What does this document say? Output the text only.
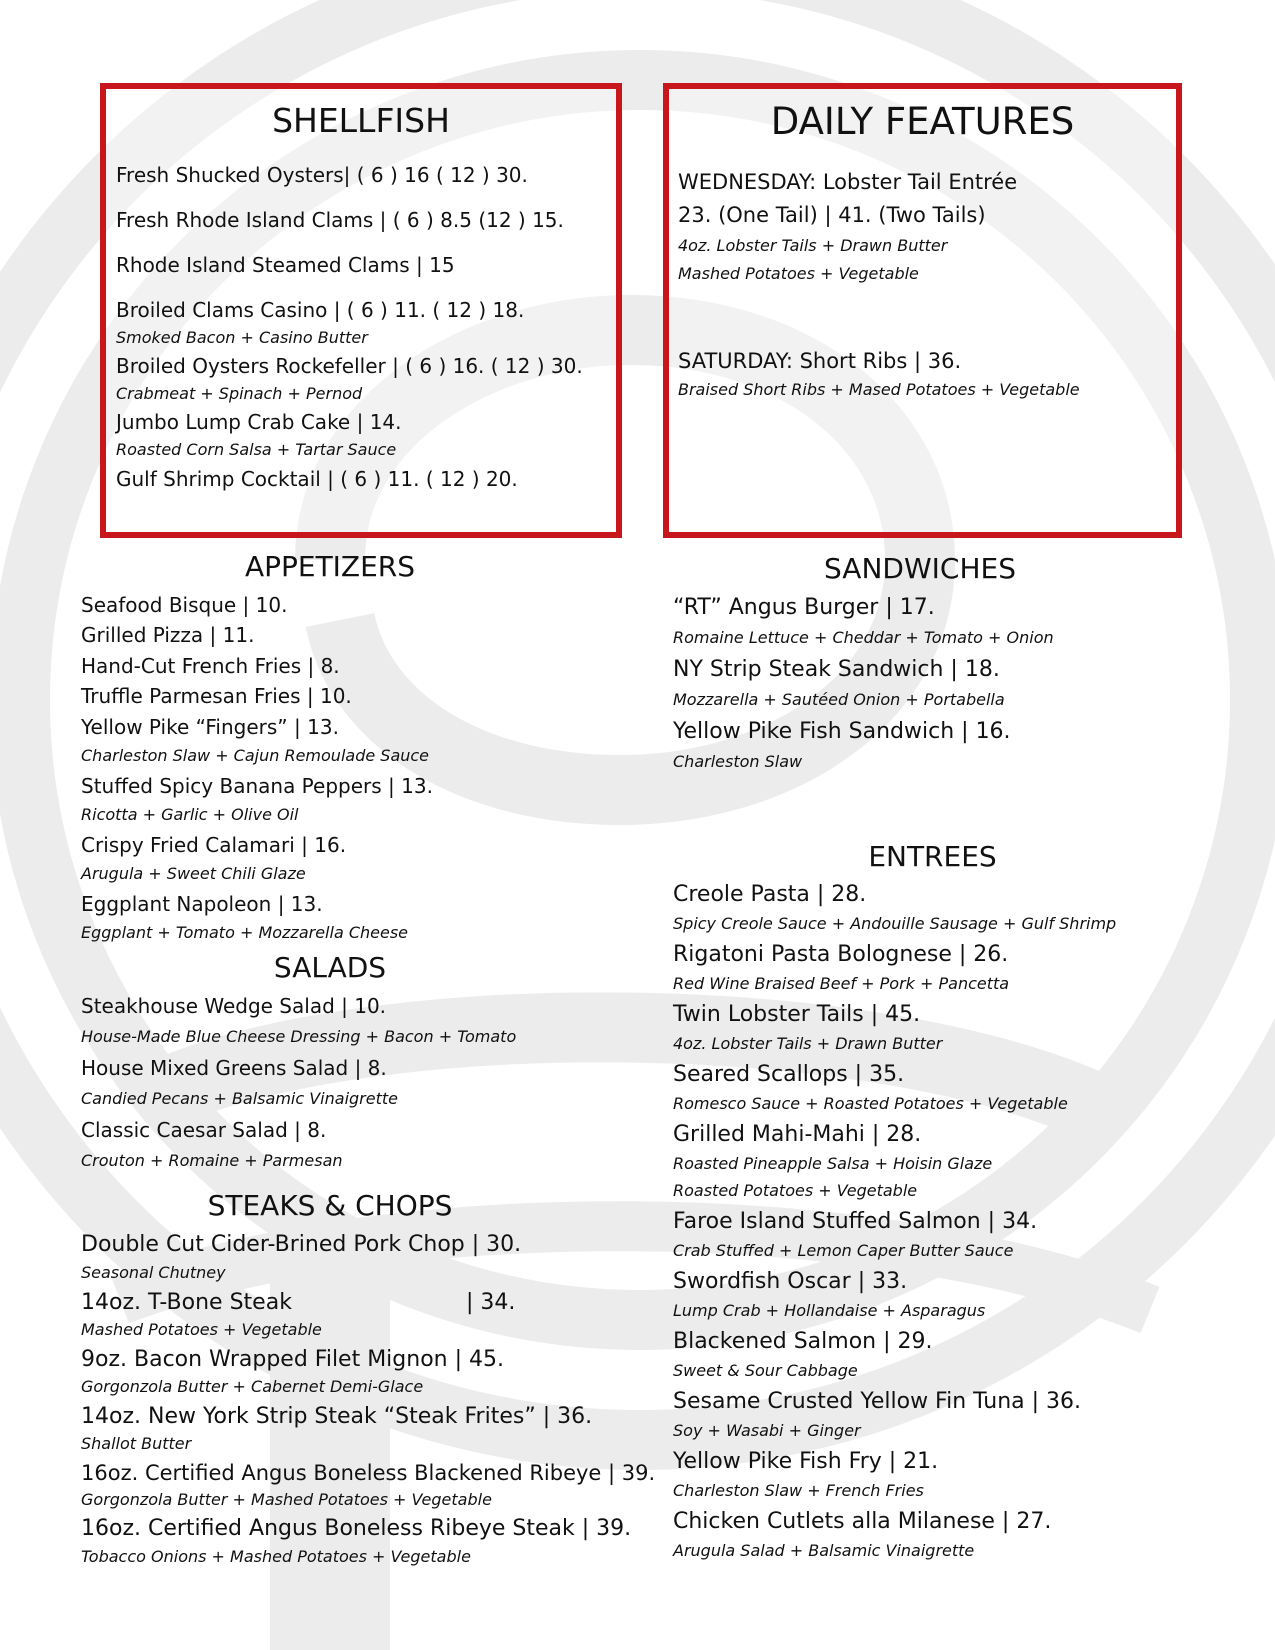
SHELLFISH
Fresh Shucked Oysters| ( 6 ) 16 ( 12 ) 30.
Fresh Rhode Island Clams | ( 6 ) 8.5 (12 ) 15.
Rhode Island Steamed Clams | 15
Broiled Clams Casino | ( 6 ) 11. ( 12 ) 18.
Smoked Bacon + Casino Butter
Broiled Oysters Rockefeller | ( 6 ) 16. ( 12 ) 30.
Crabmeat + Spinach + Pernod
Jumbo Lump Crab Cake | 14.
Roasted Corn Salsa + Tartar Sauce
Gulf Shrimp Cocktail | ( 6 ) 11. ( 12 ) 20.
DAILY FEATURES
WEDNESDAY: Lobster Tail Entrée
23. (One Tail) | 41. (Two Tails)
4oz. Lobster Tails + Drawn Butter
Mashed Potatoes + Vegetable
SATURDAY: Short Ribs | 36.
Braised Short Ribs + Mased Potatoes + Vegetable
APPETIZERS
Seafood Bisque | 10.
Grilled Pizza | 11.
Hand-Cut French Fries | 8.
Truffle Parmesan Fries | 10.
Yellow Pike “Fingers” | 13.
Charleston Slaw + Cajun Remoulade Sauce
Stuffed Spicy Banana Peppers | 13.
Ricotta + Garlic + Olive Oil
Crispy Fried Calamari | 16.
Arugula + Sweet Chili Glaze
Eggplant Napoleon | 13.
Eggplant + Tomato + Mozzarella Cheese
SALADS
Steakhouse Wedge Salad | 10.
House-Made Blue Cheese Dressing + Bacon + Tomato
House Mixed Greens Salad | 8.
Candied Pecans + Balsamic Vinaigrette
Classic Caesar Salad | 8.
Crouton + Romaine + Parmesan
STEAKS & CHOPS
Double Cut Cider-Brined Pork Chop | 30.
Seasonal Chutney
14oz. T-Bone Steak	| 34.
Mashed Potatoes + Vegetable
9oz. Bacon Wrapped Filet Mignon | 45.
Gorgonzola Butter + Cabernet Demi-Glace
14oz. New York Strip Steak “Steak Frites” | 36.
Shallot Butter
16oz. Certified Angus Boneless Blackened Ribeye | 39.
Gorgonzola Butter + Mashed Potatoes + Vegetable
16oz. Certified Angus Boneless Ribeye Steak | 39.
Tobacco Onions + Mashed Potatoes + Vegetable
SANDWICHES
“RT” Angus Burger | 17.
Romaine Lettuce + Cheddar + Tomato + Onion
NY Strip Steak Sandwich | 18.
Mozzarella + Sautéed Onion + Portabella
Yellow Pike Fish Sandwich | 16.
Charleston Slaw
ENTREES
Creole Pasta | 28.
Spicy Creole Sauce + Andouille Sausage + Gulf Shrimp
Rigatoni Pasta Bolognese | 26.
Red Wine Braised Beef + Pork + Pancetta
Twin Lobster Tails | 45.
4oz. Lobster Tails + Drawn Butter
Seared Scallops | 35.
Romesco Sauce + Roasted Potatoes + Vegetable
Grilled Mahi-Mahi | 28.
Roasted Pineapple Salsa + Hoisin Glaze
Roasted Potatoes + Vegetable
Faroe Island Stuffed Salmon | 34.
Crab Stuffed + Lemon Caper Butter Sauce
Swordfish Oscar | 33.
Lump Crab + Hollandaise + Asparagus
Blackened Salmon | 29.
Sweet & Sour Cabbage
Sesame Crusted Yellow Fin Tuna | 36.
Soy + Wasabi + Ginger
Yellow Pike Fish Fry | 21.
Charleston Slaw + French Fries
Chicken Cutlets alla Milanese | 27.
Arugula Salad + Balsamic Vinaigrette
